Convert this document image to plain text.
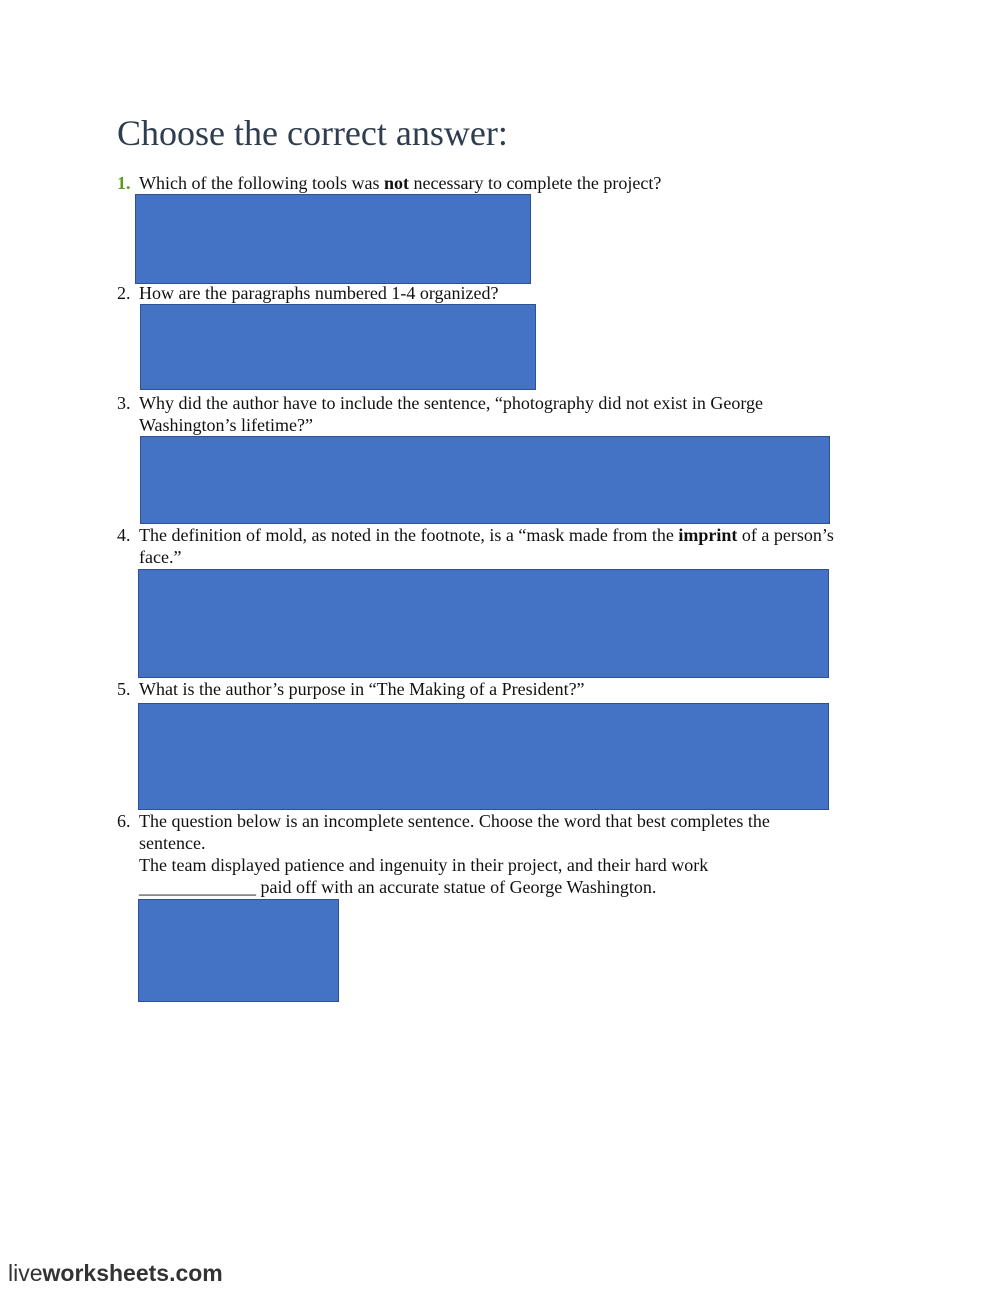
Choose the correct answer:
1. Which of the following tools was not necessary to complete the project?
2. How are the paragraphs numbered 1-4 organized?
3. Why did the author have to include the sentence, “photography did not exist in George Washington’s lifetime?”
4. The definition of mold, as noted in the footnote, is a “mask made from the imprint of a person’s face.”
5. What is the author’s purpose in “The Making of a President?”
6. The question below is an incomplete sentence. Choose the word that best completes the sentence.
The team displayed patience and ingenuity in their project, and their hard work
_____________ paid off with an accurate statue of George Washington.
liveworksheets.com
